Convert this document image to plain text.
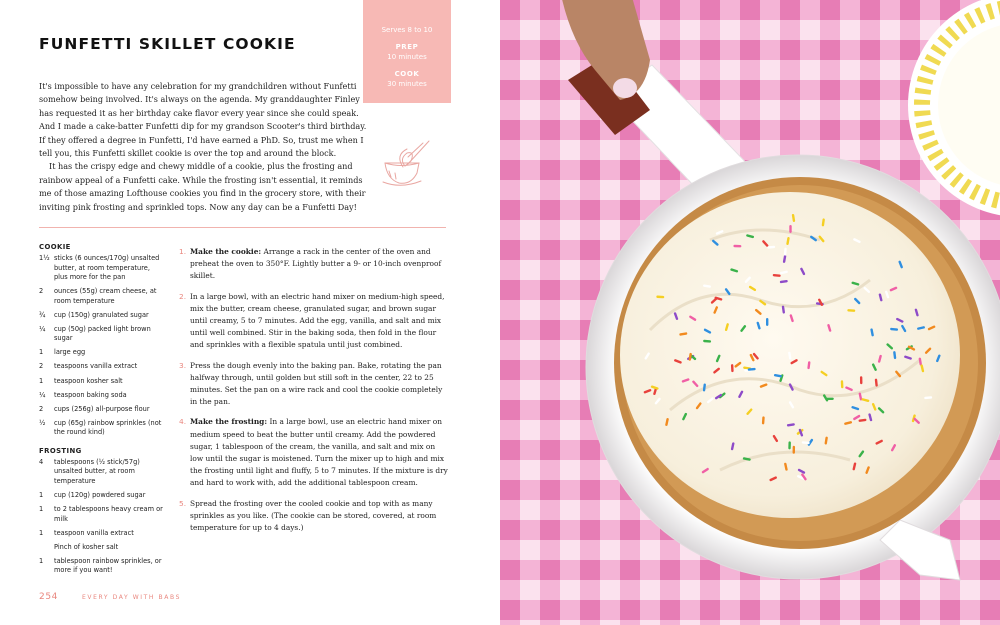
FUNFETTI SKILLET COOKIE
Serves 8 to 10
PREP
10 minutes
COOK
30 minutes

It's impossible to have any celebration for my grandchildren without Funfetti somehow being involved. It's always on the agenda. My granddaughter Finley has requested it as her birthday cake flavor every year since she could speak. And I made a cake-batter Funfetti dip for my grandson Scooter's third birthday. If they offered a degree in Funfetti, I'd have earned a PhD. So, trust me when I tell you, this Funfetti skillet cookie is over the top and around the block.

It has the crispy edge and chewy middle of a cookie, plus the frosting and rainbow appeal of a Funfetti cake. While the frosting isn't essential, it reminds me of those amazing Lofthouse cookies you find in the grocery store, with their inviting pink frosting and sprinkled tops. Now any day can be a Funfetti Day!

COOKIE
1½ sticks (6 ounces/170g) unsalted butter, at room temperature, plus more for the pan
2	ounces (55g) cream cheese, at room temperature
¾	cup (150g) granulated sugar
¼	cup (50g) packed light brown sugar
1	large egg
2	teaspoons vanilla extract
1	teaspoon kosher salt
¼	teaspoon baking soda
2	cups (256g) all-purpose flour
½	cup (65g) rainbow sprinkles (not the round kind)
FROSTING
4	tablespoons (½ stick/57g) unsalted butter, at room temperature
1	cup (120g) powdered sugar
1	to 2 tablespoons heavy cream or milk
1	teaspoon vanilla extract
Pinch of kosher salt
1	tablespoon rainbow sprinkles, or more if you want!
1. Make the cookie: Arrange a rack in the center of the oven and preheat the oven to 350°F. Lightly butter a 9- or 10-inch ovenproof skillet.
2. In a large bowl, with an electric hand mixer on medium-high speed, mix the butter, cream cheese, granulated sugar, and brown sugar until creamy, 5 to 7 minutes. Add the egg, vanilla, and salt and mix until well combined. Stir in the baking soda, then fold in the flour and sprinkles with a flexible spatula until just combined.
3. Press the dough evenly into the baking pan. Bake, rotating the pan halfway through, until golden but still soft in the center, 22 to 25 minutes. Set the pan on a wire rack and cool the cookie completely in the pan.
4. Make the frosting: In a large bowl, use an electric hand mixer on medium speed to beat the butter until creamy. Add the powdered sugar, 1 tablespoon of the cream, the vanilla, and salt and mix on low until the sugar is moistened. Turn the mixer up to high and mix the frosting until light and fluffy, 5 to 7 minutes. If the mixture is dry and hard to work with, add the additional tablespoon cream.
5. Spread the frosting over the cooled cookie and top with as many sprinkles as you like. (The cookie can be stored, covered, at room temperature for up to 4 days.)
254	EVERY DAY WITH BABS
